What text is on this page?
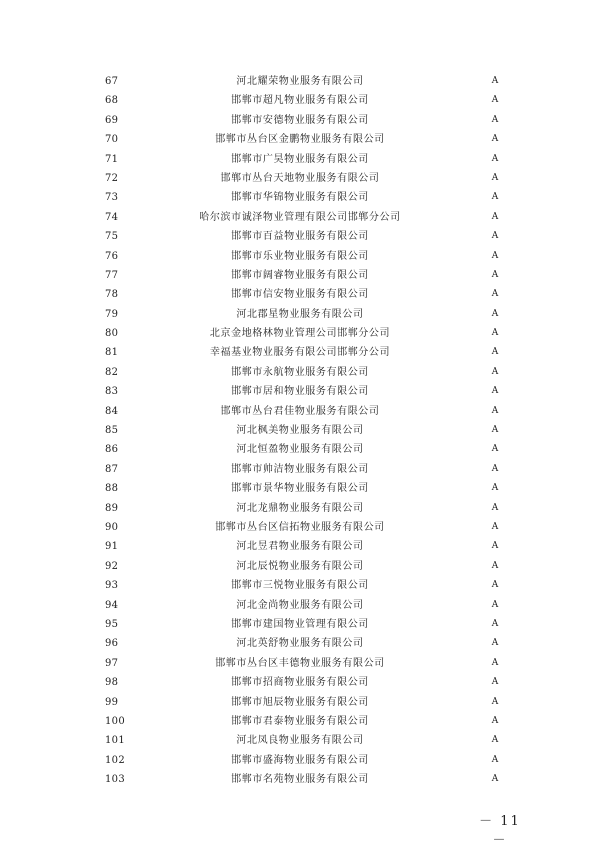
67	河北耀荣物业服务有限公司	A
68	邯郸市超凡物业服务有限公司	A
69	邯郸市安德物业服务有限公司	A
70	邯郸市丛台区金鹏物业服务有限公司	A
71	邯郸市广昊物业服务有限公司	A
72	邯郸市丛台天地物业服务有限公司	A
73	邯郸市华锦物业服务有限公司	A
74	哈尔滨市诚泽物业管理有限公司邯郸分公司	A
75	邯郸市百益物业服务有限公司	A
76	邯郸市乐业物业服务有限公司	A
77	邯郸市阔睿物业服务有限公司	A
78	邯郸市信安物业服务有限公司	A
79	河北郡星物业服务有限公司	A
80	北京金地格林物业管理公司邯郸分公司	A
81	幸福基业物业服务有限公司邯郸分公司	A
82	邯郸市永航物业服务有限公司	A
83	邯郸市居和物业服务有限公司	A
84	邯郸市丛台君佳物业服务有限公司	A
85	河北枫美物业服务有限公司	A
86	河北恒盈物业服务有限公司	A
87	邯郸市帅洁物业服务有限公司	A
88	邯郸市景华物业服务有限公司	A
89	河北龙鼎物业服务有限公司	A
90	邯郸市丛台区信拓物业服务有限公司	A
91	河北昱君物业服务有限公司	A
92	河北辰悦物业服务有限公司	A
93	邯郸市三悦物业服务有限公司	A
94	河北金尚物业服务有限公司	A
95	邯郸市建国物业管理有限公司	A
96	河北英舒物业服务有限公司	A
97	邯郸市丛台区丰德物业服务有限公司	A
98	邯郸市招商物业服务有限公司	A
99	邯郸市旭辰物业服务有限公司	A
100	邯郸市君泰物业服务有限公司	A
101	河北凤良物业服务有限公司	A
102	邯郸市盛海物业服务有限公司	A
103	邯郸市名苑物业服务有限公司	A
－ 11 －
